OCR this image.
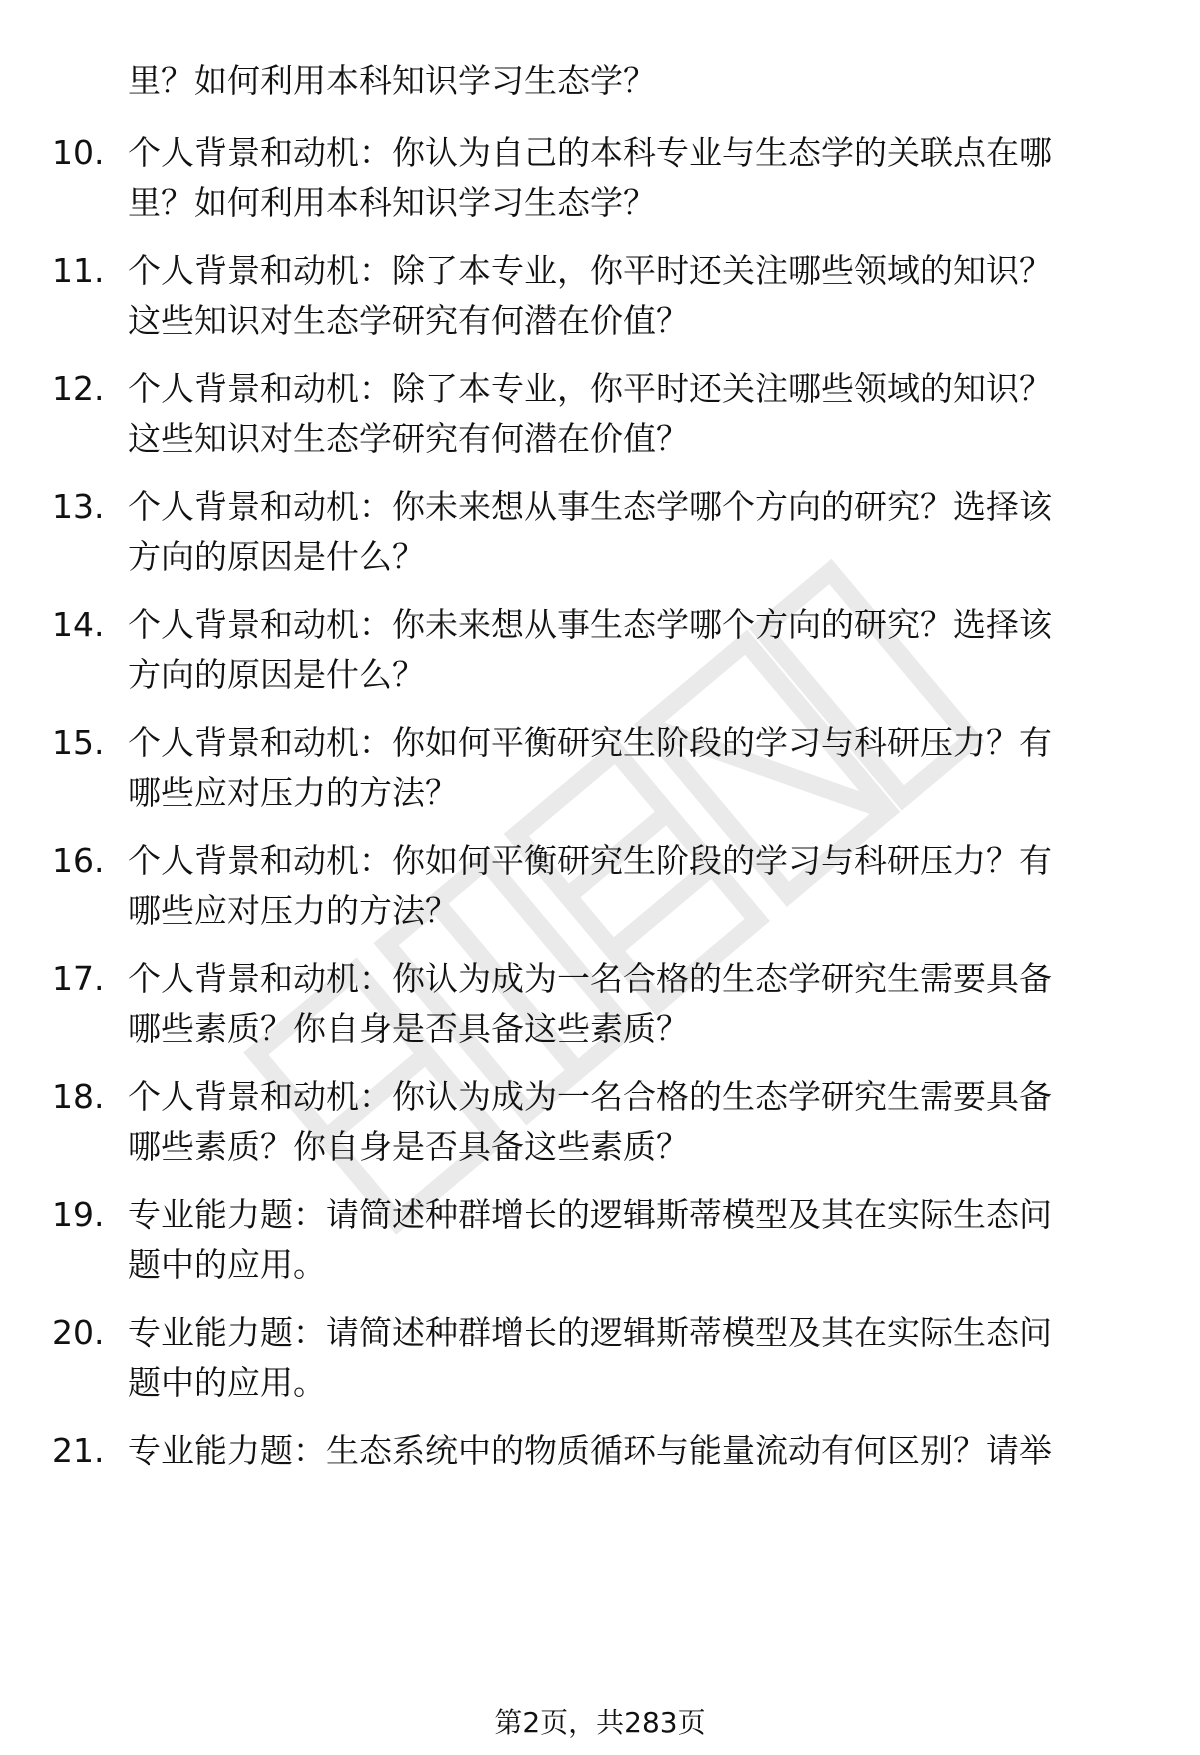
里？如何利用本科知识学习生态学？
10. 个人背景和动机：你认为自己的本科专业与生态学的关联点在哪
里？如何利用本科知识学习生态学？
11. 个人背景和动机：除了本专业，你平时还关注哪些领域的知识？
这些知识对生态学研究有何潜在价值？
12. 个人背景和动机：除了本专业，你平时还关注哪些领域的知识？
这些知识对生态学研究有何潜在价值？
13. 个人背景和动机：你未来想从事生态学哪个方向的研究？选择该
方向的原因是什么？
14. 个人背景和动机：你未来想从事生态学哪个方向的研究？选择该
方向的原因是什么？
15. 个人背景和动机：你如何平衡研究生阶段的学习与科研压力？有
哪些应对压力的方法？
16. 个人背景和动机：你如何平衡研究生阶段的学习与科研压力？有
哪些应对压力的方法？
17. 个人背景和动机：你认为成为一名合格的生态学研究生需要具备
哪些素质？你自身是否具备这些素质？
18. 个人背景和动机：你认为成为一名合格的生态学研究生需要具备
哪些素质？你自身是否具备这些素质？
19. 专业能力题：请简述种群增长的逻辑斯蒂模型及其在实际生态问
题中的应用。
20. 专业能力题：请简述种群增长的逻辑斯蒂模型及其在实际生态问
题中的应用。
21. 专业能力题：生态系统中的物质循环与能量流动有何区别？请举
第2页，共283页
